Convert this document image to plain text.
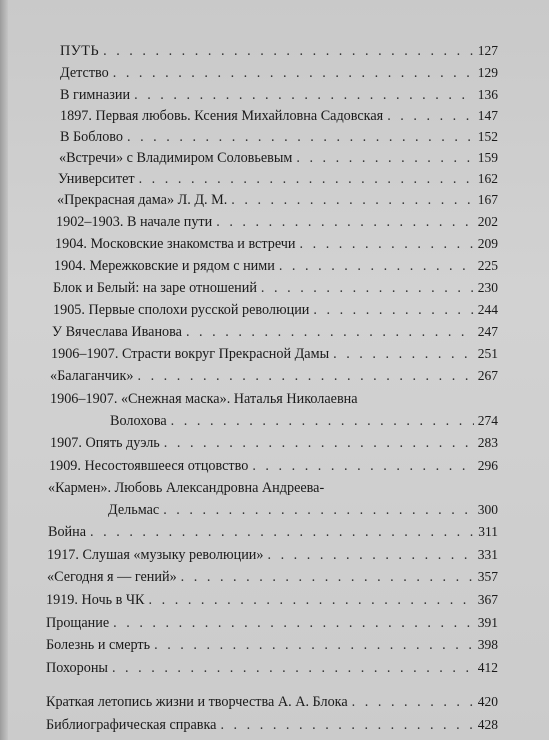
ПУТЬ . . .	127
Детство . . .	129
В гимназии . . .	136
1897. Первая любовь. Ксения Михайловна Садовская . . .	147
В Боблово . . .	152
«Встречи» с Владимиром Соловьевым . . .	159
Университет . . .	162
«Прекрасная дама» Л. Д. М. . . .	167
1902–1903. В начале пути . . .	202
1904. Московские знакомства и встречи . . .	209
1904. Мережковские и рядом с ними . . .	225
Блок и Белый: на заре отношений . . .	230
1905. Первые сполохи русской революции . . .	244
У Вячеслава Иванова . . .	247
1906–1907. Страсти вокруг Прекрасной Дамы . . .	251
«Балаганчик» . . .	267
1906–1907. «Снежная маска». Наталья Николаевна
Волохова . . .	274
1907. Опять дуэль . . .	283
1909. Несостоявшееся отцовство . . .	296
«Кармен». Любовь Александровна Андреева-
Дельмас . . .	300
Война . . .	311
1917. Слушая «музыку революции» . . .	331
«Сегодня я — гений» . . .	357
1919. Ночь в ЧК . . .	367
Прощание . . .	391
Болезнь и смерть . . .	398
Похороны . . .	412
Краткая летопись жизни и творчества А. А. Блока . . .	420
Библиографическая справка . . .	428
